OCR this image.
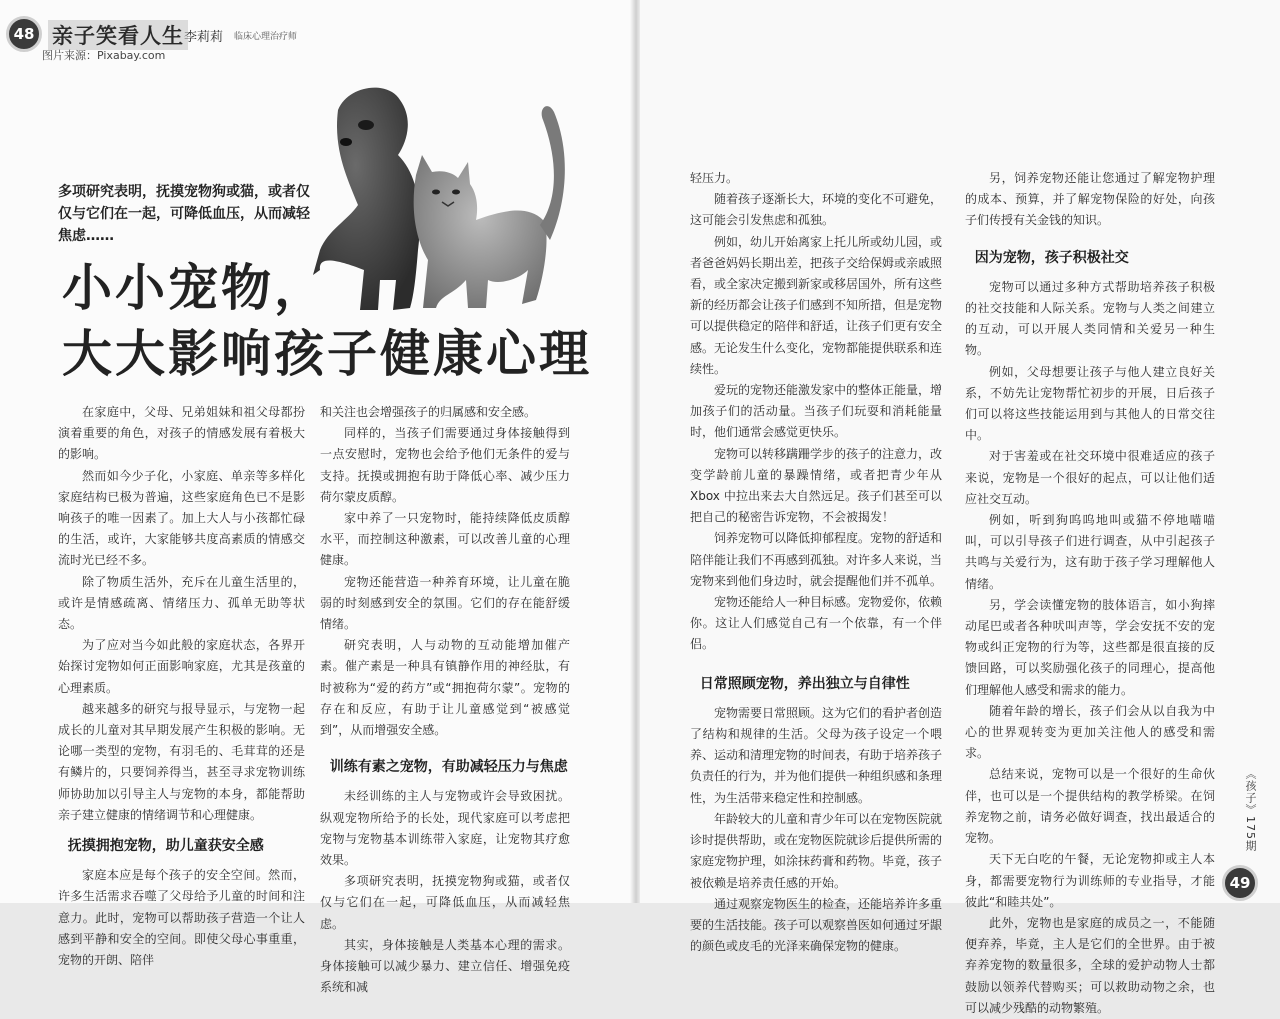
48 亲子笑看人生 李莉莉 临床心理治疗师
图片来源：Pixabay.com
多项研究表明，抚摸宠物狗或猫，或者仅仅与它们在一起，可降低血压，从而减轻焦虑……
小小宠物，
大大影响孩子健康心理

在家庭中，父母、兄弟姐妹和祖父母都扮演着重要的角色，对孩子的情感发展有着极大的影响。

然而如今少子化，小家庭、单亲等多样化家庭结构已极为普遍，这些家庭角色已不是影响孩子的唯一因素了。加上大人与小孩都忙碌的生活，或许，大家能够共度高素质的情感交流时光已经不多。

除了物质生活外，充斥在儿童生活里的，或许是情感疏离、情绪压力、孤单无助等状态。

为了应对当今如此般的家庭状态，各界开始探讨宠物如何正面影响家庭，尤其是孩童的心理素质。

越来越多的研究与报导显示，与宠物一起成长的儿童对其早期发展产生积极的影响。无论哪一类型的宠物，有羽毛的、毛茸茸的还是有鳞片的，只要饲养得当，甚至寻求宠物训练师协助加以引导主人与宠物的本身，都能帮助亲子建立健康的情绪调节和心理健康。

抚摸拥抱宠物，助儿童获安全感

家庭本应是每个孩子的安全空间。然而，许多生活需求吞噬了父母给予儿童的时间和注意力。此时，宠物可以帮助孩子营造一个让人感到平静和安全的空间。即使父母心事重重，宠物的开朗、陪伴

和关注也会增强孩子的归属感和安全感。

同样的，当孩子们需要通过身体接触得到一点安慰时，宠物也会给予他们无条件的爱与支持。抚摸或拥抱有助于降低心率、减少压力荷尔蒙皮质醇。

家中养了一只宠物时，能持续降低皮质醇水平，而控制这种激素，可以改善儿童的心理健康。

宠物还能营造一种养育环境，让儿童在脆弱的时刻感到安全的氛围。它们的存在能舒缓情绪。

研究表明，人与动物的互动能增加催产素。催产素是一种具有镇静作用的神经肽，有时被称为“爱的药方”或“拥抱荷尔蒙”。宠物的存在和反应，有助于让儿童感觉到“被感觉到”，从而增强安全感。

训练有素之宠物，有助减轻压力与焦虑

未经训练的主人与宠物或许会导致困扰。纵观宠物所给予的长处，现代家庭可以考虑把宠物与宠物基本训练带入家庭，让宠物其疗愈效果。

多项研究表明，抚摸宠物狗或猫，或者仅仅与它们在一起，可降低血压，从而减轻焦虑。

其实，身体接触是人类基本心理的需求。身体接触可以减少暴力、建立信任、增强免疫系统和减

轻压力。

随着孩子逐渐长大，环境的变化不可避免，这可能会引发焦虑和孤独。

例如，幼儿开始离家上托儿所或幼儿园，或者爸爸妈妈长期出差，把孩子交给保姆或亲戚照看，或全家决定搬到新家或移居国外，所有这些新的经历都会让孩子们感到不知所措，但是宠物可以提供稳定的陪伴和舒适，让孩子们更有安全感。无论发生什么变化，宠物都能提供联系和连续性。

爱玩的宠物还能激发家中的整体正能量，增加孩子们的活动量。当孩子们玩耍和消耗能量时，他们通常会感觉更快乐。

宠物可以转移蹒跚学步的孩子的注意力，改变学龄前儿童的暴躁情绪，或者把青少年从 Xbox 中拉出来去大自然远足。孩子们甚至可以把自己的秘密告诉宠物，不会被揭发！

饲养宠物可以降低抑郁程度。宠物的舒适和陪伴能让我们不再感到孤独。对许多人来说，当宠物来到他们身边时，就会提醒他们并不孤单。

宠物还能给人一种目标感。宠物爱你，依赖你。这让人们感觉自己有一个依靠，有一个伴侣。

日常照顾宠物，养出独立与自律性

宠物需要日常照顾。这为它们的看护者创造了结构和规律的生活。父母为孩子设定一个喂养、运动和清理宠物的时间表，有助于培养孩子负责任的行为，并为他们提供一种组织感和条理性，为生活带来稳定性和控制感。

年龄较大的儿童和青少年可以在宠物医院就诊时提供帮助，或在宠物医院就诊后提供所需的家庭宠物护理，如涂抹药膏和药物。毕竟，孩子被依赖是培养责任感的开始。

通过观察宠物医生的检查，还能培养许多重要的生活技能。孩子可以观察兽医如何通过牙龈的颜色或皮毛的光泽来确保宠物的健康。

另，饲养宠物还能让您通过了解宠物护理的成本、预算，并了解宠物保险的好处，向孩子们传授有关金钱的知识。

因为宠物，孩子积极社交

宠物可以通过多种方式帮助培养孩子积极的社交技能和人际关系。宠物与人类之间建立的互动，可以开展人类同情和关爱另一种生物。

例如，父母想要让孩子与他人建立良好关系，不妨先让宠物帮忙初步的开展，日后孩子们可以将这些技能运用到与其他人的日常交往中。

对于害羞或在社交环境中很难适应的孩子来说，宠物是一个很好的起点，可以让他们适应社交互动。

例如，听到狗呜呜地叫或猫不停地喵喵叫，可以引导孩子们进行调查，从中引起孩子共鸣与关爱行为，这有助于孩子学习理解他人情绪。

另，学会读懂宠物的肢体语言，如小狗摔动尾巴或者各种吠叫声等，学会安抚不安的宠物或纠正宠物的行为等，这些都是很直接的反馈回路，可以奖励强化孩子的同理心，提高他们理解他人感受和需求的能力。

随着年龄的增长，孩子们会从以自我为中心的世界观转变为更加关注他人的感受和需求。

总结来说，宠物可以是一个很好的生命伙伴，也可以是一个提供结构的教学桥梁。在饲养宠物之前，请务必做好调查，找出最适合的宠物。

天下无白吃的午餐，无论宠物抑或主人本身，都需要宠物行为训练师的专业指导，才能彼此“和睦共处”。

此外，宠物也是家庭的成员之一，不能随便弃养，毕竟，主人是它们的全世界。由于被弃养宠物的数量很多，全球的爱护动物人士都鼓励以领养代替购买；可以救助动物之余，也可以减少残酷的动物繁殖。

《孩子》175期
49
